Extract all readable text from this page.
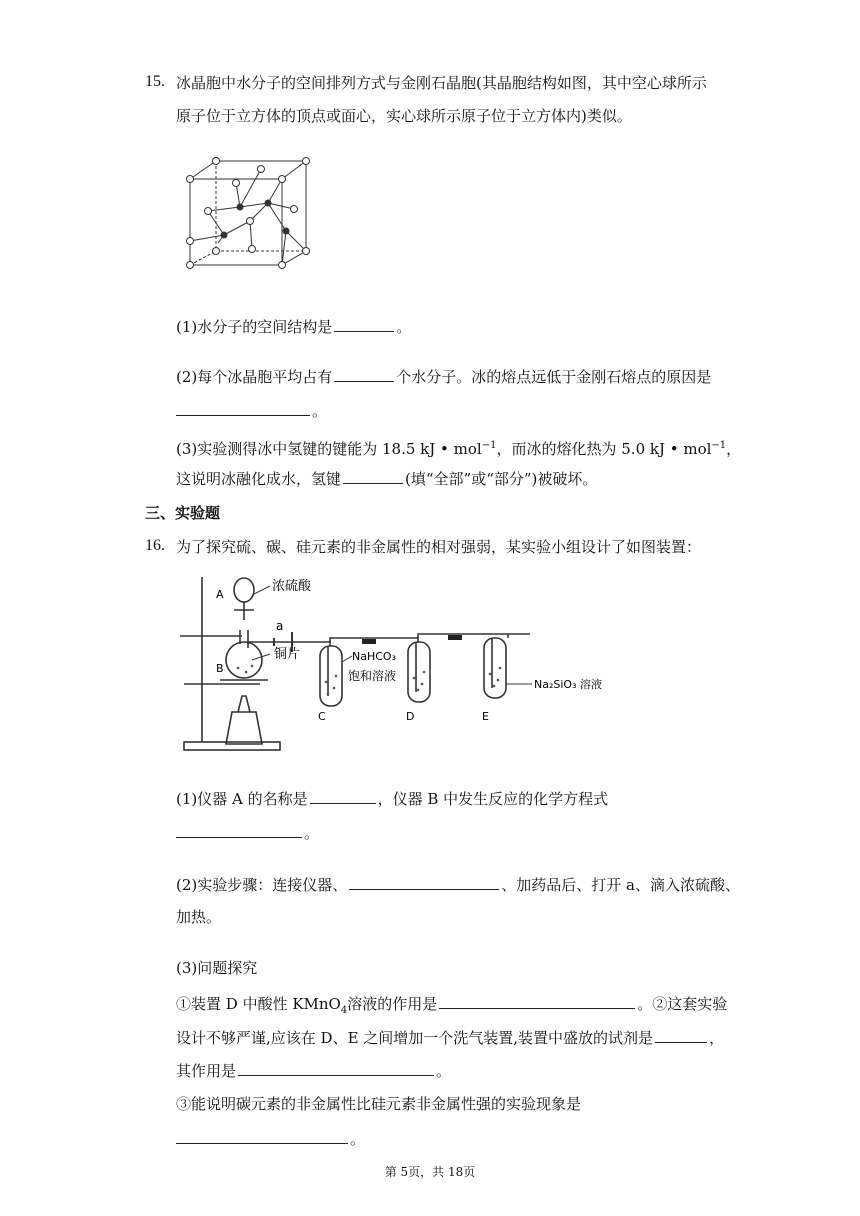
15. 冰晶胞中水分子的空间排列方式与金刚石晶胞(其晶胞结构如图，其中空心球所示
原子位于立方体的顶点或面心，实心球所示原子位于立方体内)类似。
(1)水分子的空间结构是	。
(2)每个冰晶胞平均占有	个水分子。冰的熔点远低于金刚石熔点的原因是
。
(3)实验测得冰中氢键的键能为 18.5 kJ • mol$^{-1}$，而冰的熔化热为 5.0 kJ • mol$^{-1}$，
这说明冰融化成水，氢键	(填“全部”或“部分”)被破坏。
三、实验题
16. 为了探究硫、碳、硅元素的非金属性的相对强弱，某实验小组设计了如图装置：
A
B
a
浓硫酸
铜片	NaHCO₃
饱和溶液
Na₂SiO₃ 溶液
C	D	E
(1)仪器 A 的名称是	，仪器 B 中发生反应的化学方程式
。
(2)实验步骤：连接仪器、	、加药品后、打开 a、滴入浓硫酸、
加热。
(3)问题探究
①装置 D 中酸性 KMnO$_4$溶液的作用是	。②这套实验
设计不够严谨,应该在 D、E 之间增加一个洗气装置,装置中盛放的试剂是	，
其作用是	。
③能说明碳元素的非金属性比硅元素非金属性强的实验现象是
。
第 5页，共 18页
